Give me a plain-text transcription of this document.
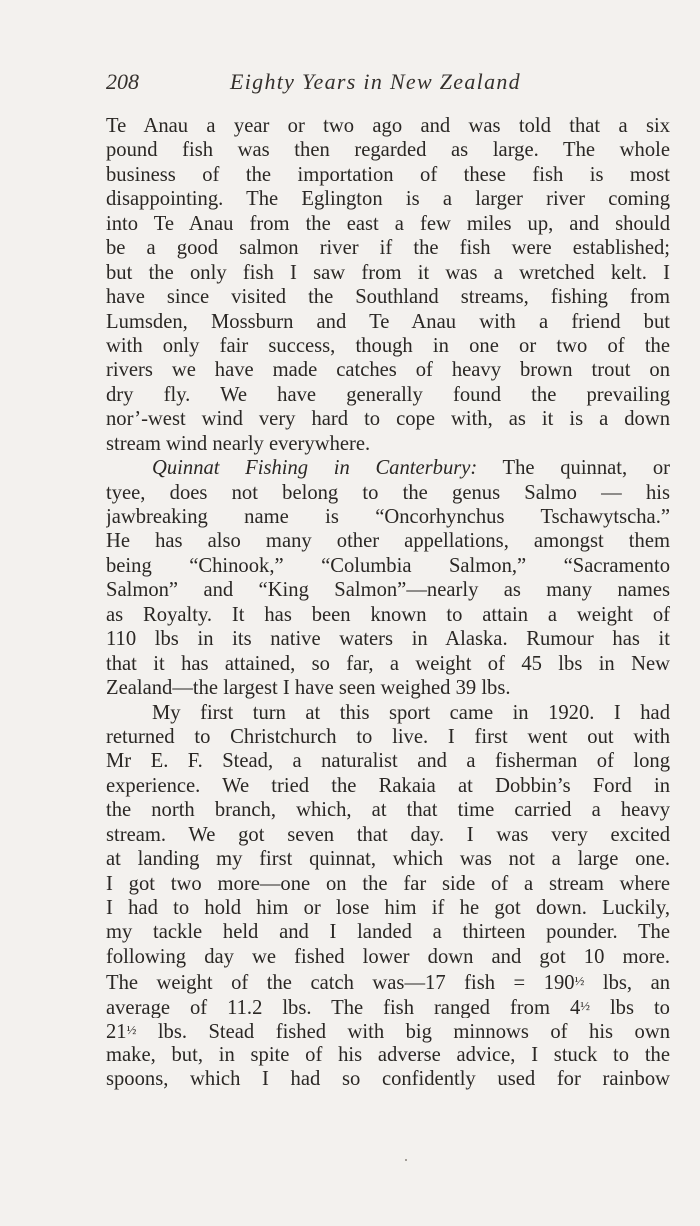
208	Eighty Years in New Zealand
Te Anau a year or two ago and was told that a six
pound fish was then regarded as large. The whole
business of the importation of these fish is most
disappointing. The Eglington is a larger river coming
into Te Anau from the east a few miles up, and should
be a good salmon river if the fish were established;
but the only fish I saw from it was a wretched kelt. I
have since visited the Southland streams, fishing from
Lumsden, Mossburn and Te Anau with a friend but
with only fair success, though in one or two of the
rivers we have made catches of heavy brown trout on
dry fly. We have generally found the prevailing
nor’-west wind very hard to cope with, as it is a down
stream wind nearly everywhere.
Quinnat Fishing in Canterbury: The quinnat, or
tyee, does not belong to the genus Salmo — his
jawbreaking name is “Oncorhynchus Tschawytscha.”
He has also many other appellations, amongst them
being “Chinook,” “Columbia Salmon,” “Sacramento
Salmon” and “King Salmon”—nearly as many names
as Royalty. It has been known to attain a weight of
110 lbs in its native waters in Alaska. Rumour has it
that it has attained, so far, a weight of 45 lbs in New
Zealand—the largest I have seen weighed 39 lbs.
My first turn at this sport came in 1920. I had
returned to Christchurch to live. I first went out with
Mr E. F. Stead, a naturalist and a fisherman of long
experience. We tried the Rakaia at Dobbin’s Ford in
the north branch, which, at that time carried a heavy
stream. We got seven that day. I was very excited
at landing my first quinnat, which was not a large one.
I got two more—one on the far side of a stream where
I had to hold him or lose him if he got down. Luckily,
my tackle held and I landed a thirteen pounder. The
following day we fished lower down and got 10 more.
The weight of the catch was—17 fish = 190½ lbs, an
average of 11.2 lbs. The fish ranged from 4½ lbs to
21½ lbs. Stead fished with big minnows of his own
make, but, in spite of his adverse advice, I stuck to the
spoons, which I had so confidently used for rainbow
